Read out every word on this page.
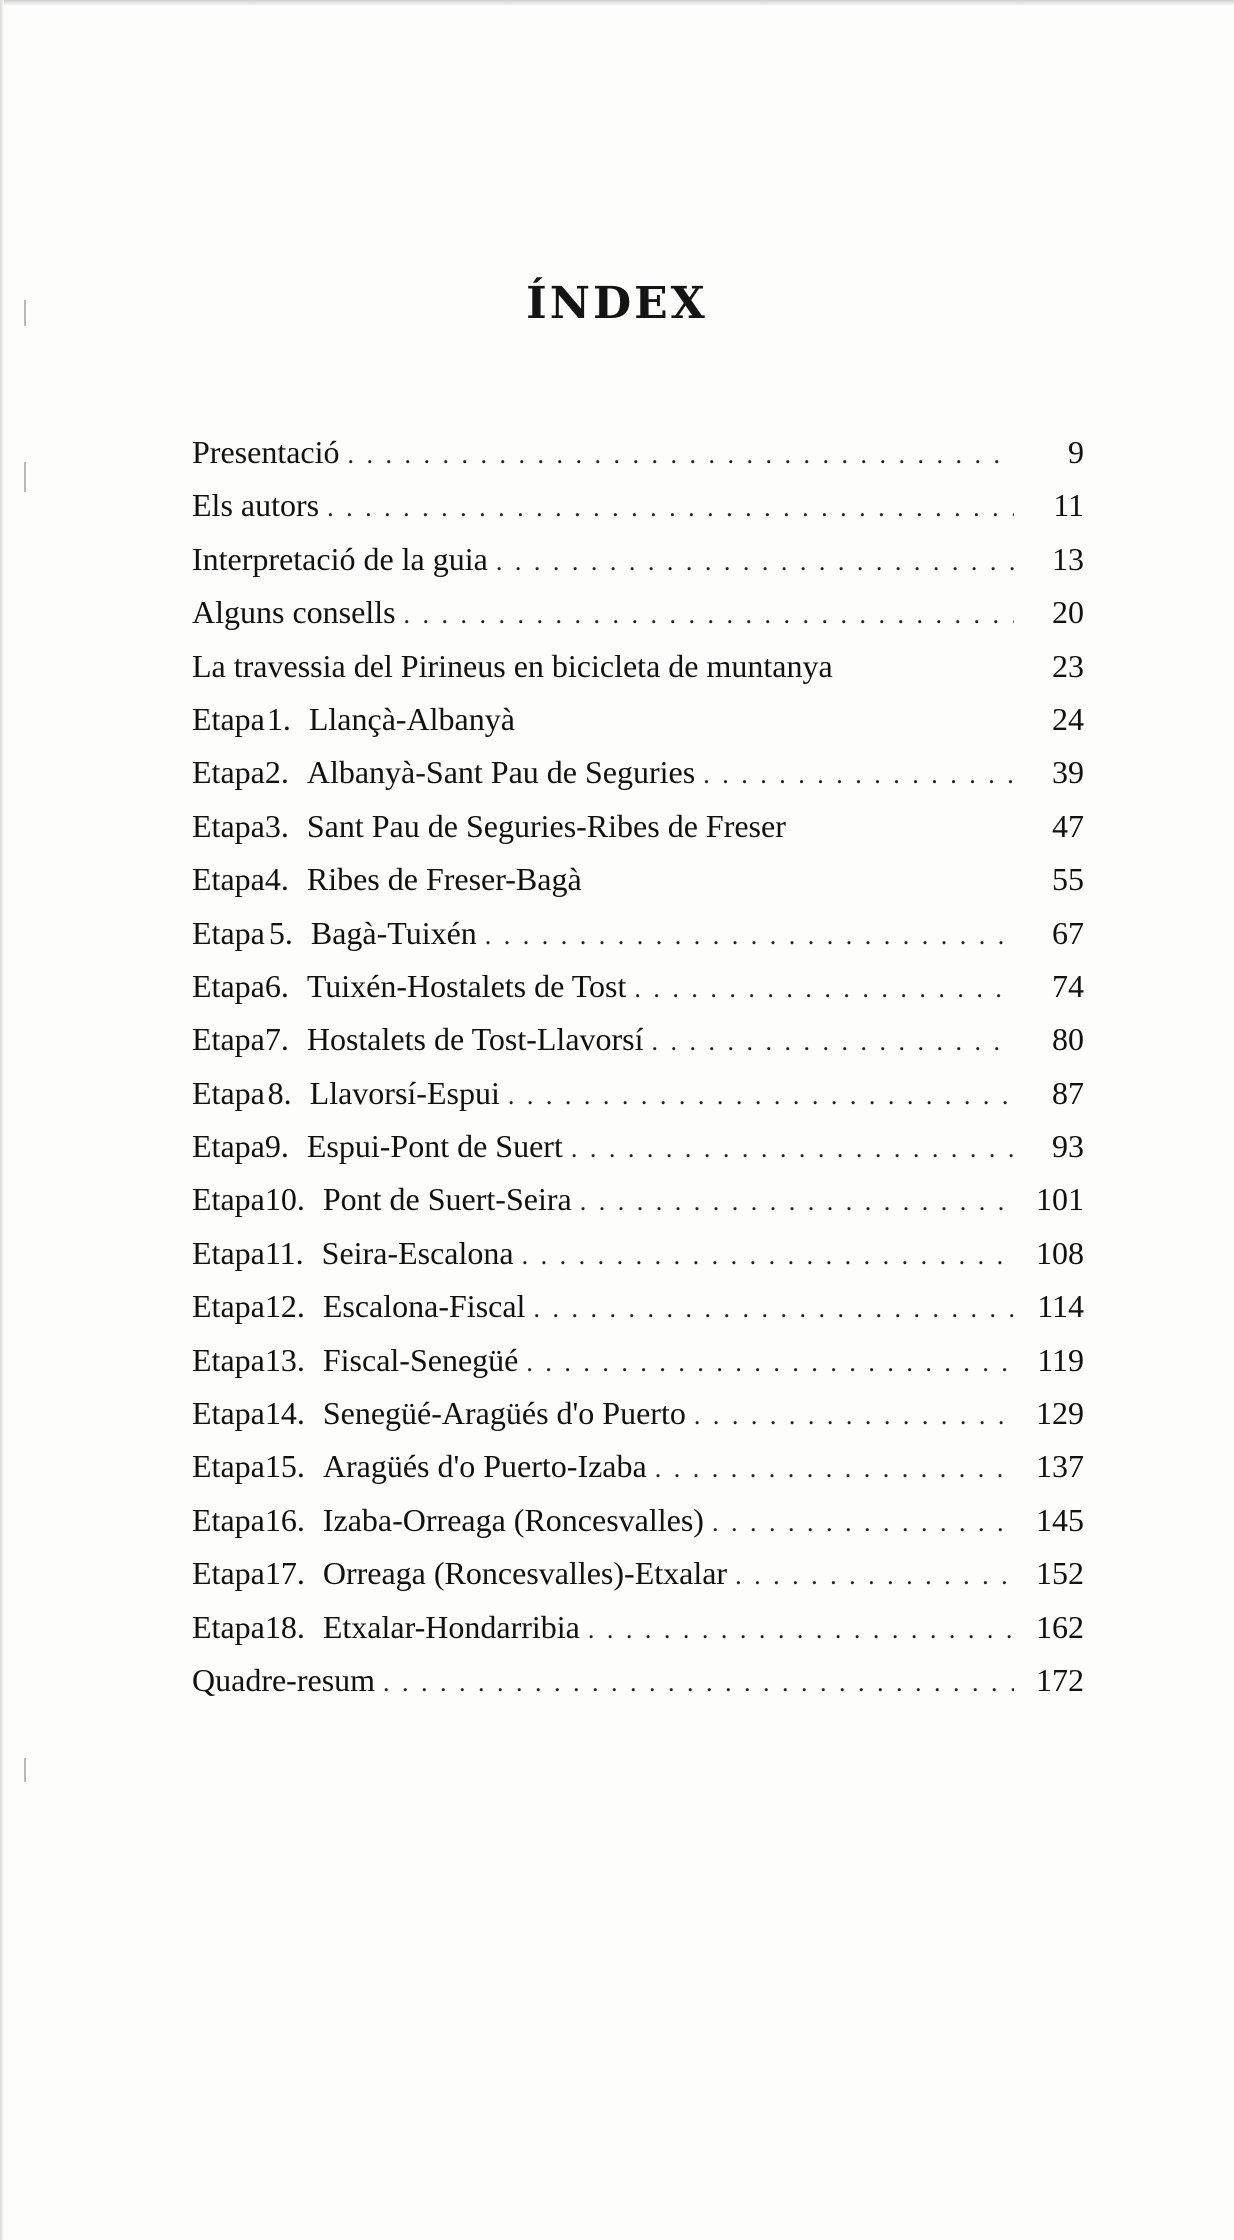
ÍNDEX
Presentació . . .	9
Els autors . . .	11
Interpretació de la guia . . .	13
Alguns consells . . .	20
La travessia del Pirineus en bicicleta de muntanya	23
Etapa 1. Llançà-Albanyà	24
Etapa 2. Albanyà-Sant Pau de Seguries . . .	39
Etapa 3. Sant Pau de Seguries-Ribes de Freser	47
Etapa 4. Ribes de Freser-Bagà	55
Etapa 5. Bagà-Tuixén . . .	67
Etapa 6. Tuixén-Hostalets de Tost . . .	74
Etapa 7. Hostalets de Tost-Llavorsí . . .	80
Etapa 8. Llavorsí-Espui . . .	87
Etapa 9. Espui-Pont de Suert . . .	93
Etapa 10. Pont de Suert-Seira . . .	101
Etapa 11. Seira-Escalona . . .	108
Etapa 12. Escalona-Fiscal . . .	114
Etapa 13. Fiscal-Senegüé . . .	119
Etapa 14. Senegüé-Aragüés d'o Puerto . . .	129
Etapa 15. Aragüés d'o Puerto-Izaba . . .	137
Etapa 16. Izaba-Orreaga (Roncesvalles) . . .	145
Etapa 17. Orreaga (Roncesvalles)-Etxalar . . .	152
Etapa 18. Etxalar-Hondarribia . . .	162
Quadre-resum . . .	172
